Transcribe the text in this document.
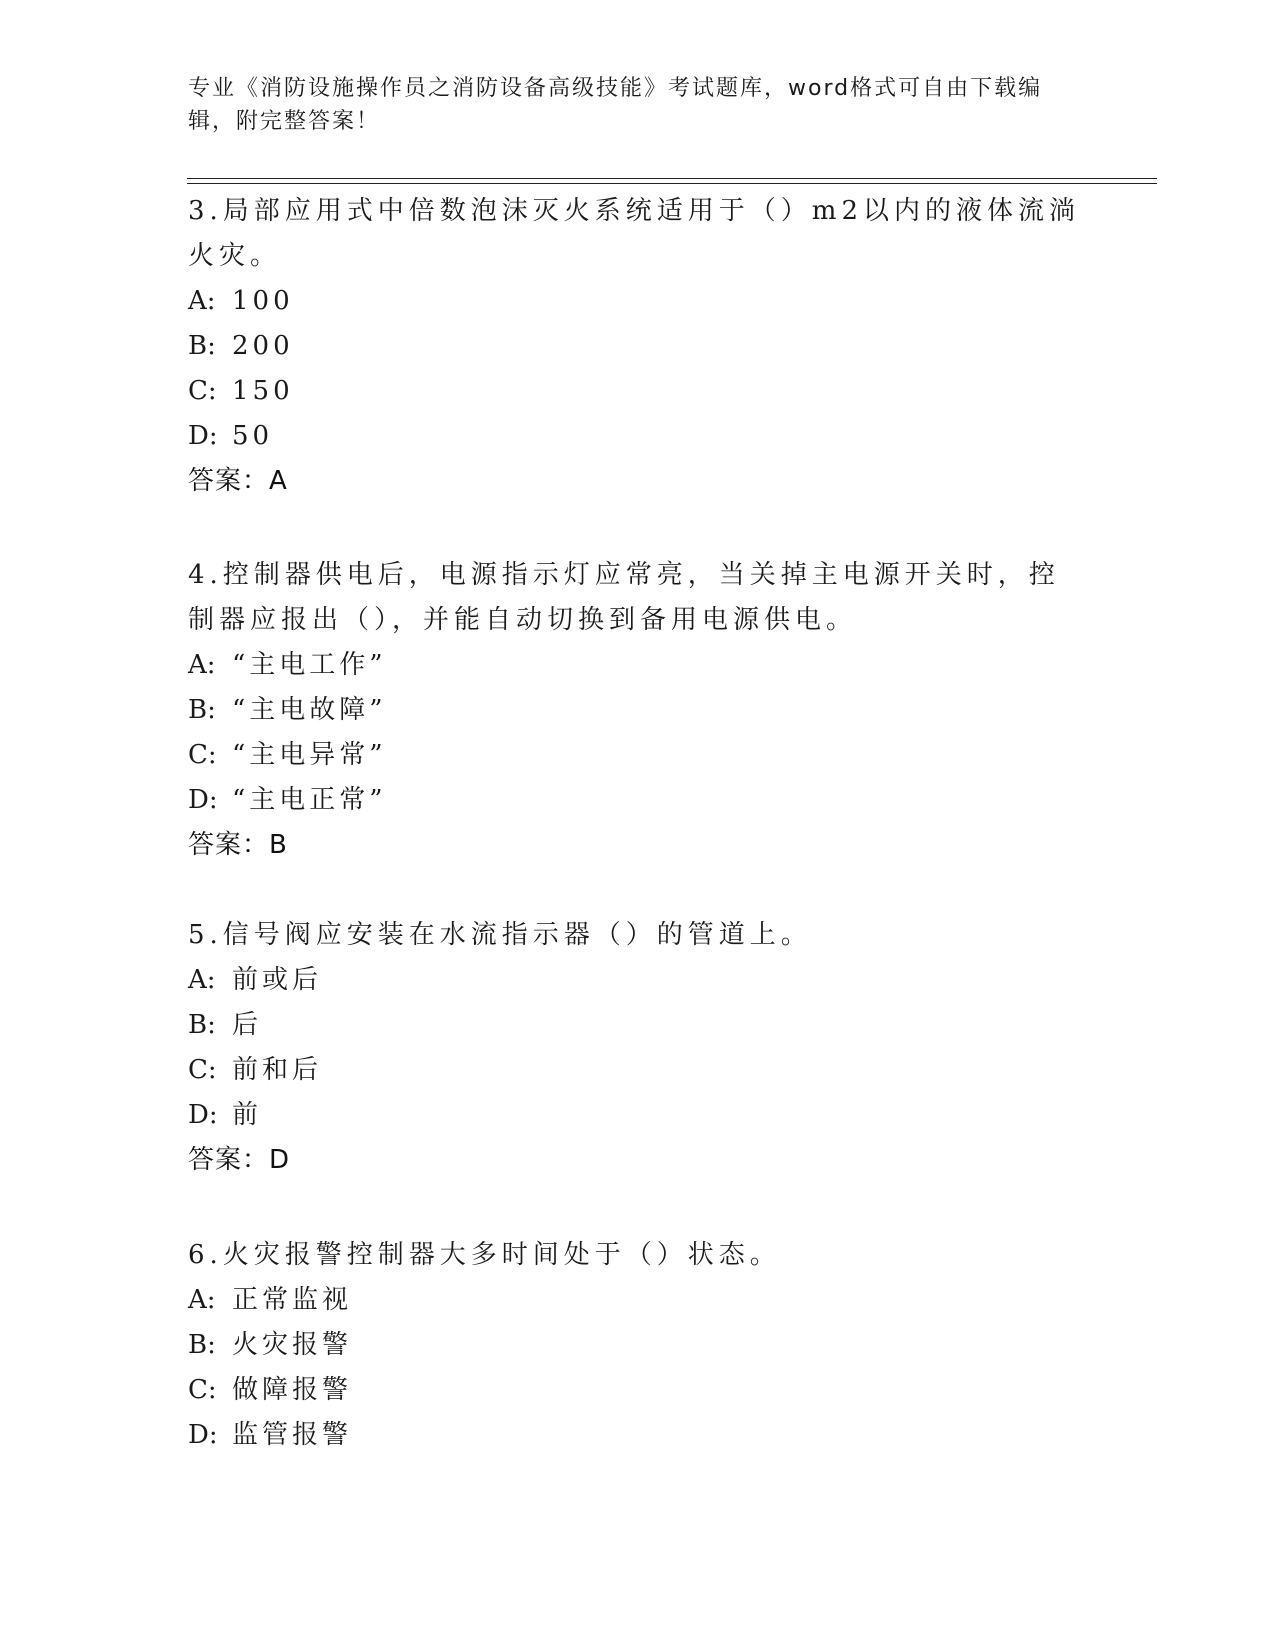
专业《消防设施操作员之消防设备高级技能》考试题库，word格式可自由下载编辑，附完整答案！
3.局部应用式中倍数泡沫灭火系统适用于（）m2以内的液体流淌火灾。
A: 100
B: 200
C: 150
D: 50
答案：A
4.控制器供电后，电源指示灯应常亮，当关掉主电源开关时，控制器应报出（），并能自动切换到备用电源供电。
A: “主电工作”
B: “主电故障”
C: “主电异常”
D: “主电正常”
答案：B
5.信号阀应安装在水流指示器（）的管道上。
A: 前或后
B: 后
C: 前和后
D: 前
答案：D
6.火灾报警控制器大多时间处于（）状态。
A: 正常监视
B: 火灾报警
C: 做障报警
D: 监管报警
